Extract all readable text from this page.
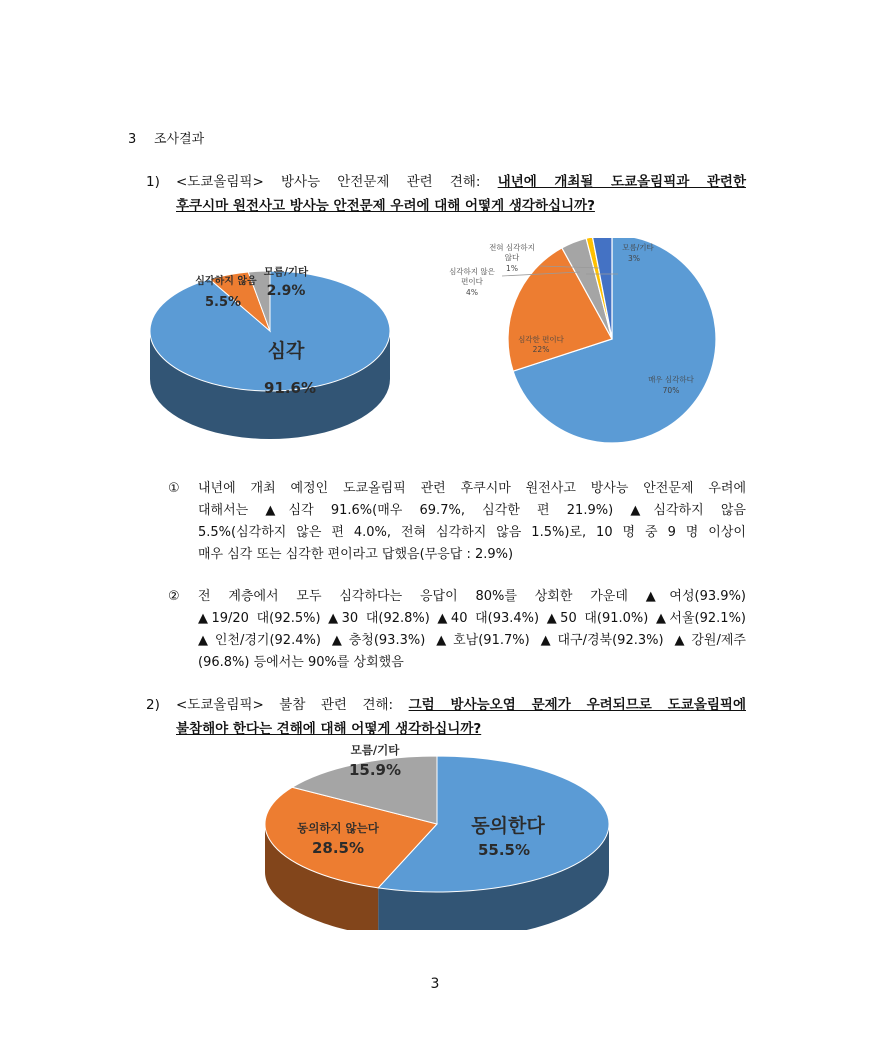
3 조사결과
1) <도쿄올림픽> 방사능 안전문제 관련 견해: 내년에 개최될 도쿄올림픽과 관련한
후쿠시마 원전사고 방사능 안전문제 우려에 대해 어떻게 생각하십니까?
심각
91.6%
심각하지 않음
5.5%
모름/기타
2.9%
전혀 심각하지
않다
1%
심각하지 않은
편이다
4%
모름/기타
3%
심각한 편이다
22%
매우 심각하다
70%
① 내년에 개최 예정인 도쿄올림픽 관련 후쿠시마 원전사고 방사능 안전문제 우려에
대해서는 ▲심각 91.6%(매우 69.7%, 심각한 편 21.9%) ▲심각하지 않음
5.5%(심각하지 않은 편 4.0%, 전혀 심각하지 않음 1.5%)로, 10 명 중 9 명 이상이
매우 심각 또는 심각한 편이라고 답했음(무응답 : 2.9%)
② 전 계층에서 모두 심각하다는 응답이 80%를 상회한 가운데 ▲여성(93.9%)
▲19/20 대(92.5%) ▲30 대(92.8%) ▲40 대(93.4%) ▲50 대(91.0%) ▲서울(92.1%)
▲인천/경기(92.4%) ▲충청(93.3%) ▲호남(91.7%) ▲대구/경북(92.3%) ▲강원/제주
(96.8%) 등에서는 90%를 상회했음
2) <도쿄올림픽> 불참 관련 견해: 그럼 방사능오염 문제가 우려되므로 도쿄올림픽에
불참해야 한다는 견해에 대해 어떻게 생각하십니까?
동의한다
55.5%
동의하지 않는다
28.5%
모름/기타
15.9%
3
